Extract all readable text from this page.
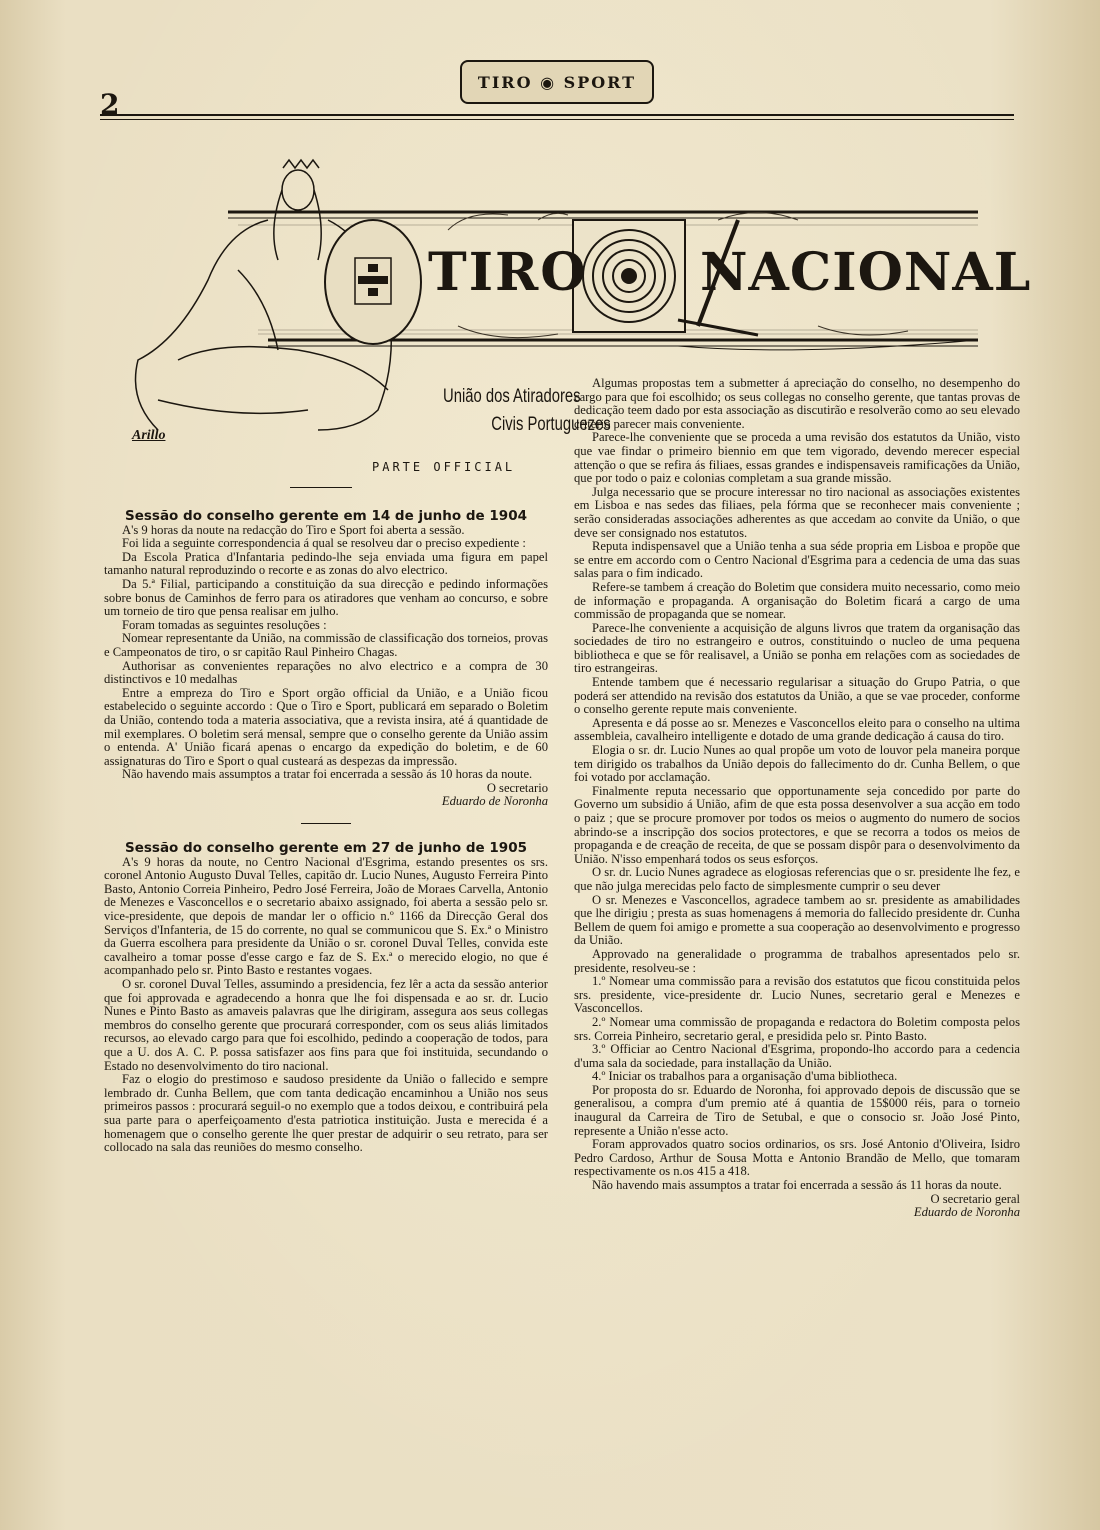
2
TIRO ◉ SPORT
TIRO NACIONAL
Arillo
União dos Atiradores
Civis Portuguezes
PARTE OFFICIAL

Sessão do conselho gerente em 14 de junho de 1904

A's 9 horas da noute na redacção do Tiro e Sport foi aberta a sessão.

Foi lida a seguinte correspondencia á qual se resolveu dar o preciso expediente :

Da Escola Pratica d'Infantaria pedindo-lhe seja enviada uma figura em papel tamanho natural reproduzindo o recorte e as zonas do alvo electrico.

Da 5.ª Filial, participando a constituição da sua direcção e pedindo informações sobre bonus de Caminhos de ferro para os atiradores que venham ao concurso, e sobre um torneio de tiro que pensa realisar em julho.

Foram tomadas as seguintes resoluções :

Nomear representante da União, na commissão de classificação dos torneios, provas e Campeonatos de tiro, o sr capitão Raul Pinheiro Chagas.

Authorisar as convenientes reparações no alvo electrico e a compra de 30 distinctivos e 10 medalhas

Entre a empreza do Tiro e Sport orgão official da União, e a União ficou estabelecido o seguinte accordo : Que o Tiro e Sport, publicará em separado o Boletim da União, contendo toda a materia associativa, que a revista insira, até á quantidade de mil exemplares. O boletim será mensal, sempre que o conselho gerente da União assim o entenda. A' União ficará apenas o encargo da expedição do boletim, e de 60 assignaturas do Tiro e Sport o qual custeará as despezas da impressão.

Não havendo mais assumptos a tratar foi encerrada a sessão ás 10 horas da noute.

O secretario

Eduardo de Noronha

Sessão do conselho gerente em 27 de junho de 1905

A's 9 horas da noute, no Centro Nacional d'Esgrima, estando presentes os srs. coronel Antonio Augusto Duval Telles, capitão dr. Lucio Nunes, Augusto Ferreira Pinto Basto, Antonio Correia Pinheiro, Pedro José Ferreira, João de Moraes Carvella, Antonio de Menezes e Vasconcellos e o secretario abaixo assignado, foi aberta a sessão pelo sr. vice-presidente, que depois de mandar ler o officio n.º 1166 da Direcção Geral dos Serviços d'Infanteria, de 15 do corrente, no qual se communicou que S. Ex.ª o Ministro da Guerra escolhera para presidente da União o sr. coronel Duval Telles, convida este cavalheiro a tomar posse d'esse cargo e faz de S. Ex.ª o merecido elogio, no que é acompanhado pelo sr. Pinto Basto e restantes vogaes.

O sr. coronel Duval Telles, assumindo a presidencia, fez lêr a acta da sessão anterior que foi approvada e agradecendo a honra que lhe foi dispensada e ao sr. dr. Lucio Nunes e Pinto Basto as amaveis palavras que lhe dirigiram, assegura aos seus collegas membros do conselho gerente que procurará corresponder, com os seus aliás limitados recursos, ao elevado cargo para que foi escolhido, pedindo a cooperação de todos, para que a U. dos A. C. P. possa satisfazer aos fins para que foi instituida, secundando o Estado no desenvolvimento do tiro nacional.

Faz o elogio do prestimoso e saudoso presidente da União o fallecido e sempre lembrado dr. Cunha Bellem, que com tanta dedicação encaminhou a União nos seus primeiros passos : procurará seguil-o no exemplo que a todos deixou, e contribuirá pela sua parte para o aperfeiçoamento d'esta patriotica instituição. Justa e merecida é a homenagem que o conselho gerente lhe quer prestar de adquirir o seu retrato, para ser collocado na sala das reuniões do mesmo conselho.

Algumas propostas tem a submetter á apreciação do conselho, no desempenho do cargo para que foi escolhido; os seus collegas no conselho gerente, que tantas provas de dedicação teem dado por esta associação as discutirão e resolverão como ao seu elevado criterio parecer mais conveniente.

Parece-lhe conveniente que se proceda a uma revisão dos estatutos da União, visto que vae findar o primeiro biennio em que tem vigorado, devendo merecer especial attenção o que se refira ás filiaes, essas grandes e indispensaveis ramificações da União, que por todo o paiz e colonias completam a sua grande missão.

Julga necessario que se procure interessar no tiro nacional as associações existentes em Lisboa e nas sedes das filiaes, pela fórma que se reconhecer mais conveniente ; serão consideradas associações adherentes as que accedam ao convite da União, o que deve ser consignado nos estatutos.

Reputa indispensavel que a União tenha a sua séde propria em Lisboa e propõe que se entre em accordo com o Centro Nacional d'Esgrima para a cedencia de uma das suas salas para o fim indicado.

Refere-se tambem á creação do Boletim que considera muito necessario, como meio de informação e propaganda. A organisação do Boletim ficará a cargo de uma commissão de propaganda que se nomear.

Parece-lhe conveniente a acquisição de alguns livros que tratem da organisação das sociedades de tiro no estrangeiro e outros, constituindo o nucleo de uma pequena bibliotheca e que se fôr realisavel, a União se ponha em relações com as sociedades de tiro estrangeiras.

Entende tambem que é necessario regularisar a situação do Grupo Patria, o que poderá ser attendido na revisão dos estatutos da União, a que se vae proceder, conforme o conselho gerente repute mais conveniente.

Apresenta e dá posse ao sr. Menezes e Vasconcellos eleito para o conselho na ultima assembleia, cavalheiro intelligente e dotado de uma grande dedicação á causa do tiro.

Elogia o sr. dr. Lucio Nunes ao qual propõe um voto de louvor pela maneira porque tem dirigido os trabalhos da União depois do fallecimento do dr. Cunha Bellem, o que foi votado por acclamação.

Finalmente reputa necessario que opportunamente seja concedido por parte do Governo um subsidio á União, afim de que esta possa desenvolver a sua acção em todo o paiz ; que se procure promover por todos os meios o augmento do numero de socios abrindo-se a inscripção dos socios protectores, e que se recorra a todos os meios de propaganda e de creação de receita, de que se possam dispôr para o desenvolvimento da União. N'isso empenhará todos os seus esforços.

O sr. dr. Lucio Nunes agradece as elogiosas referencias que o sr. presidente lhe fez, e que não julga merecidas pelo facto de simplesmente cumprir o seu dever

O sr. Menezes e Vasconcellos, agradece tambem ao sr. presidente as amabilidades que lhe dirigiu ; presta as suas homenagens á memoria do fallecido presidente dr. Cunha Bellem de quem foi amigo e promette a sua cooperação ao desenvolvimento e progresso da União.

Approvado na generalidade o programma de trabalhos apresentados pelo sr. presidente, resolveu-se :

1.º Nomear uma commissão para a revisão dos estatutos que ficou constituida pelos srs. presidente, vice-presidente dr. Lucio Nunes, secretario geral e Menezes e Vasconcellos.

2.º Nomear uma commissão de propaganda e redactora do Boletim composta pelos srs. Correia Pinheiro, secretario geral, e presidida pelo sr. Pinto Basto.

3.º Officiar ao Centro Nacional d'Esgrima, propondo-lho accordo para a cedencia d'uma sala da sociedade, para installação da União.

4.º Iniciar os trabalhos para a organisação d'uma bibliotheca.

Por proposta do sr. Eduardo de Noronha, foi approvado depois de discussão que se generalisou, a compra d'um premio até á quantia de 15$000 réis, para o torneio inaugural da Carreira de Tiro de Setubal, e que o consocio sr. João José Pinto, represente a União n'esse acto.

Foram approvados quatro socios ordinarios, os srs. José Antonio d'Oliveira, Isidro Pedro Cardoso, Arthur de Sousa Motta e Antonio Brandão de Mello, que tomaram respectivamente os n.os 415 a 418.

Não havendo mais assumptos a tratar foi encerrada a sessão ás 11 horas da noute.

O secretario geral

Eduardo de Noronha
